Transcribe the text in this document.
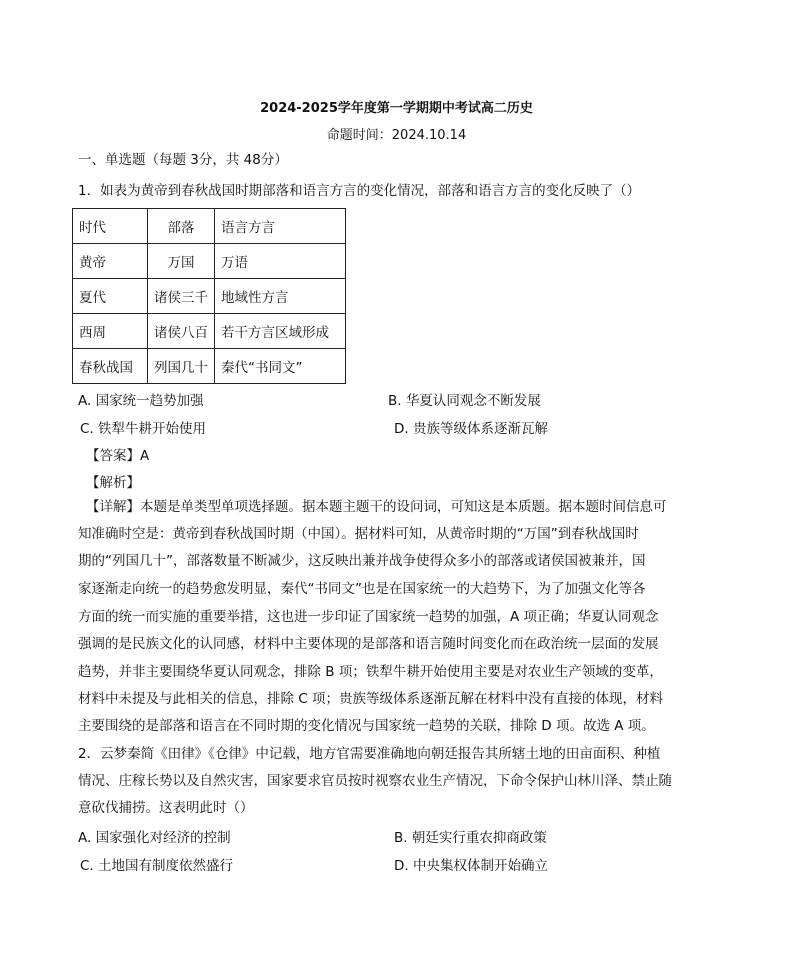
2024-2025学年度第一学期期中考试高二历史
命题时间：2024.10.14
一、单选题（每题 3分，共 48分）
1．如表为黄帝到春秋战国时期部落和语言方言的变化情况，部落和语言方言的变化反映了（）
时代	部落	语言方言
黄帝	万国	万语
夏代	诸侯三千	地域性方言
西周	诸侯八百	若干方言区域形成
春秋战国	列国几十	秦代“书同文”
A. 国家统一趋势加强	B. 华夏认同观念不断发展
C. 铁犁牛耕开始使用	D. 贵族等级体系逐渐瓦解
【答案】A
【解析】
【详解】本题是单类型单项选择题。据本题主题干的设问词，可知这是本质题。据本题时间信息可
知准确时空是：黄帝到春秋战国时期（中国）。据材料可知，从黄帝时期的“万国”到春秋战国时
期的“列国几十”，部落数量不断减少，这反映出兼并战争使得众多小的部落或诸侯国被兼并，国
家逐渐走向统一的趋势愈发明显，秦代“书同文”也是在国家统一的大趋势下，为了加强文化等各
方面的统一而实施的重要举措，这也进一步印证了国家统一趋势的加强，A 项正确；华夏认同观念
强调的是民族文化的认同感，材料中主要体现的是部落和语言随时间变化而在政治统一层面的发展
趋势，并非主要围绕华夏认同观念，排除 B 项；铁犁牛耕开始使用主要是对农业生产领域的变革，
材料中未提及与此相关的信息，排除 C 项；贵族等级体系逐渐瓦解在材料中没有直接的体现，材料
主要围绕的是部落和语言在不同时期的变化情况与国家统一趋势的关联，排除 D 项。故选 A 项。
2．云梦秦简《田律》《仓律》中记载，地方官需要准确地向朝廷报告其所辖土地的田亩面积、种植
情况、庄稼长势以及自然灾害，国家要求官员按时视察农业生产情况，下命令保护山林川泽、禁止随
意砍伐捕捞。这表明此时（）
A. 国家强化对经济的控制	B. 朝廷实行重农抑商政策
C. 土地国有制度依然盛行	D. 中央集权体制开始确立
